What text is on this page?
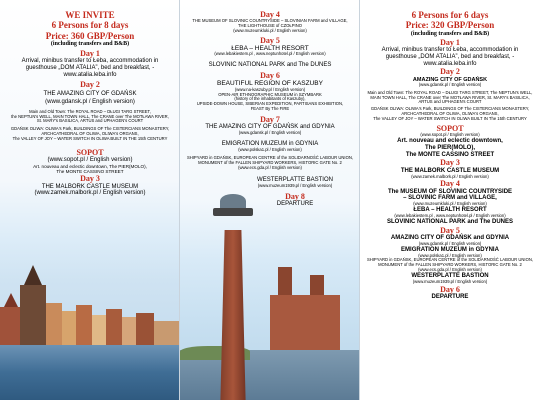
WE INVITE

6 Persons for 8 days

Price: 360 GBP/Person

(including transfers and B&B)

Day 1

Arrival, minibus transfer to Łeba, accommodation in guesthouse „DOM ATALIA”, bed and breakfast, - www.atalia.leba.info

Day 2

THE AMAZING CITY OF GDAŃSK

(www.gdansk.pl / English version)

Main and Old Town: The ROYAL ROAD – DŁUGI TARG STREET,

the NEPTUN's WELL, MAIN TOWN HALL, The CRANE over The MOTŁAWA RIVER,

St. MARY's BASILICA, ARTUS and UPHAGEN's COURT

GDAŃSK OLIWA: OLIWA's Park, BUILDINGS OF The CISTERCIANS MONASTERY,

ARCHCATHEDRAL OF OLIWA, OLIWA's ORGANS,

The VALLEY OF JOY – WATER SWITCH IN OLIWA BUILT IN THE 15th CENTURY

SOPOT

(www.sopot.pl / English version)

Art. nouveau and eclectic downtown, The PIER(MOLO),

The MONTE CASSINO STREET

Day 3

THE MALBORK CASTLE MUSEUM

(www.zamek.malbork.pl / English version)

Day 4

THE MUSEUM OF SLOVINIC COUNTRYSIDE – SLOVINIAN FARM and VILLAGE,

THE LIGHTHOUSE of CZOŁPINO

(www.muzeumkluki.pl / English version)

Day 5

ŁEBA – HEALTH RESORT

(www.lebakiestem.pl , www.neptunhotel.pl / English version)

SLOVINIC NATIONAL PARK and The DUNES

Day 6

BEAUTIFUL REGION OF KASZUBY

(www.na-kaszuby.pl / English version)

OPEN-AIR ETHNOGRAPHIC MUSEUM in SZYMBARK

(history of the inhabitants of Kaszuby),

UPSIDE-DOWN HOUSE, SIBERIAN EXPEDITION, PARTISANS EXHIBITION,

FEAST By The FIRE

Day 7

THE AMAZING CITY OF GDAŃSK and GDYNIA

(www.gdansk.pl / English version)

EMIGRATION MUZEUM in GDYNIA

(www.polska1.pl / English version)

SHIPYARD in GDAŃSK, EUROPEAN CENTRE of the SOLIDARNOŚĆ LABOUR UNION,

MONUMENT of the FALLEN SHIPYARD WORKERS, HISTORIC GATE No. 2

(www.ecs.gda.pl / English version)

WESTERPLATTE BASTION

(www.muzeum1939.pl / English version)

Day 8

DEPARTURE

6 Persons for 6 days

Price: 320 GBP/Person

(including transfers and B&B)

Day 1

Arrival, minibus transfer to Łeba, accommodation in guesthouse „DOM ATALIA”, bed and breakfast, - www.atalia.leba.info

Day 2

AMAZING CITY OF GDAŃSK

(www.gdansk.pl / English version)

Main and Old Town: The ROYAL ROAD – DŁUGI TARG STREET, The NEPTUN's WELL,

MAIN TOWN HALL, The CRANE over The MOTŁAWA RIVER, St. MARY's BASILICA,

ARTUS and UPHAGEN's COURT

GDAŃSK OLIWA: OLIWA's Park, BUILDINGS OF The CISTERCIANS MONASTERY,

ARCHCATHEDRAL OF OLIWA, OLIWA's ORGANS,

The VALLEY OF JOY – WATER SWITCH IN OLIWA BUILT IN The 15th CENTURY

SOPOT

(www.sopot.pl / English version)

Art. nouveau and eclectic downtown,

The PIER(MOLO),

The MONTE CASSINO STREET

Day 3

THE MALBORK CASTLE MUSEUM

(www.zamek.malbork.pl / English version)

Day 4

The MUSEUM OF SLOVINIC COUNTRYSIDE

– SLOVINIC FARM and VILLAGE,

(www.muzeumkluki.pl / English version)

ŁEBA – HEALTH RESORT

(www.lebakiestem.pl , www.neptunhotel.pl / English version)

SLOVINIC NATIONAL PARK and The DUNES

Day 5

AMAZING CITY OF GDAŃSK and GDYNIA

(www.gdansk.pl / English version)

EMIGRATION MUZEUM in GDYNIA

(www.polska1.pl / English version)

SHIPYARD in GDAŃSK, EUROPEAN CENTRE of the SOLIDARNOŚĆ LABOUR UNION,

MONUMENT of the FALLEN SHIPYARD WORKERS, HISTORIC GATE No. 2

(www.ecs.gda.pl / English version)

WESTERPLATTE BASTION

(www.muzeum1939.pl / English version)

Day 6

DEPARTURE
